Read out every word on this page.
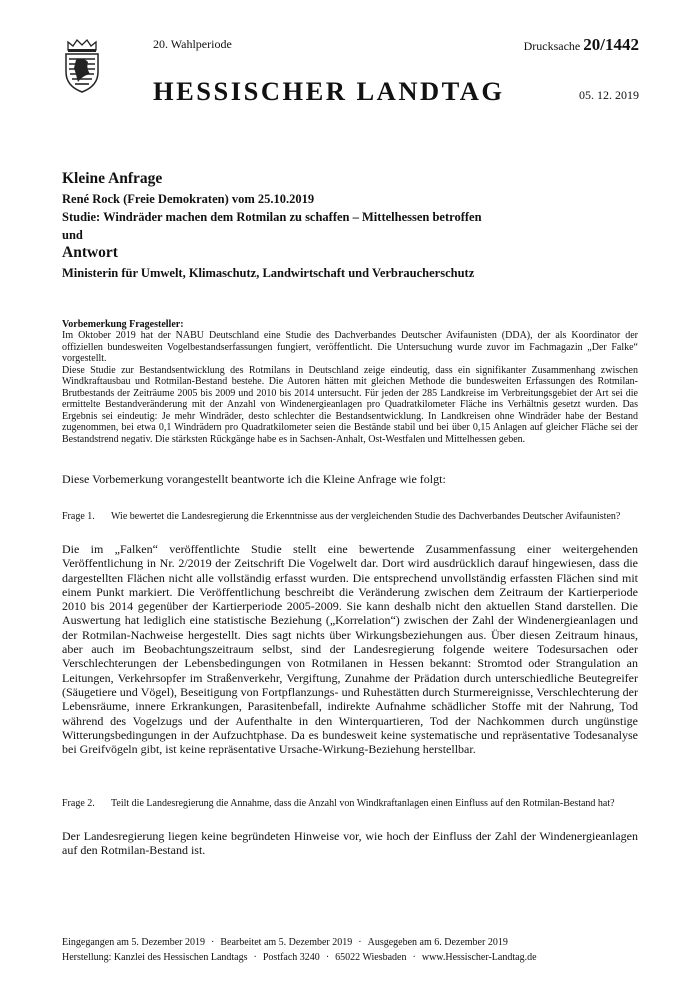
20. Wahlperiode
HESSISCHER LANDTAG
Drucksache 20/1442
05. 12. 2019
Kleine Anfrage
René Rock (Freie Demokraten) vom 25.10.2019
Studie: Windräder machen dem Rotmilan zu schaffen – Mittelhessen betroffen
und
Antwort
Ministerin für Umwelt, Klimaschutz, Landwirtschaft und Verbraucherschutz
Vorbemerkung Fragesteller:

Im Oktober 2019 hat der NABU Deutschland eine Studie des Dachverbandes Deutscher Avifaunisten (DDA), der als Koordinator der offiziellen bundesweiten Vogelbestandserfassungen fungiert, veröffentlicht. Die Untersuchung wurde zuvor im Fachmagazin „Der Falke“ vorgestellt.

Diese Studie zur Bestandsentwicklung des Rotmilans in Deutschland zeige eindeutig, dass ein signifikanter Zusammenhang zwischen Windkraftausbau und Rotmilan-Bestand bestehe. Die Autoren hätten mit gleichen Methode die bundesweiten Erfassungen des Rotmilan-Brutbestands der Zeiträume 2005 bis 2009 und 2010 bis 2014 untersucht. Für jeden der 285 Landkreise im Verbreitungsgebiet der Art sei die ermittelte Bestandveränderung mit der Anzahl von Windenergieanlagen pro Quadratkilometer Fläche ins Verhältnis gesetzt wurden. Das Ergebnis sei eindeutig: Je mehr Windräder, desto schlechter die Bestandsentwicklung. In Landkreisen ohne Windräder habe der Bestand zugenommen, bei etwa 0,1 Windrädern pro Quadratkilometer seien die Bestände stabil und bei über 0,15 Anlagen auf gleicher Fläche sei der Bestandstrend negativ. Die stärksten Rückgänge habe es in Sachsen-Anhalt, Ost-Westfalen und Mittelhessen geben.

Diese Vorbemerkung vorangestellt beantworte ich die Kleine Anfrage wie folgt:
Frage 1. Wie bewertet die Landesregierung die Erkenntnisse aus der vergleichenden Studie des Dachverbandes Deutscher Avifaunisten?
Die im „Falken“ veröffentlichte Studie stellt eine bewertende Zusammenfassung einer weitergehenden Veröffentlichung in Nr. 2/2019 der Zeitschrift Die Vogelwelt dar. Dort wird ausdrücklich darauf hingewiesen, dass die dargestellten Flächen nicht alle vollständig erfasst wurden. Die entsprechend unvollständig erfassten Flächen sind mit einem Punkt markiert. Die Veröffentlichung beschreibt die Veränderung zwischen dem Zeitraum der Kartierperiode 2010 bis 2014 gegenüber der Kartierperiode 2005-2009. Sie kann deshalb nicht den aktuellen Stand darstellen. Die Auswertung hat lediglich eine statistische Beziehung („Korrelation“) zwischen der Zahl der Windenergieanlagen und der Rotmilan-Nachweise hergestellt. Dies sagt nichts über Wirkungsbeziehungen aus. Über diesen Zeitraum hinaus, aber auch im Beobachtungszeitraum selbst, sind der Landesregierung folgende weitere Todesursachen oder Verschlechterungen der Lebensbedingungen von Rotmilanen in Hessen bekannt: Stromtod oder Strangulation an Leitungen, Verkehrsopfer im Straßenverkehr, Vergiftung, Zunahme der Prädation durch unterschiedliche Beutegreifer (Säugetiere und Vögel), Beseitigung von Fortpflanzungs- und Ruhestätten durch Sturmereignisse, Verschlechterung der Lebensräume, innere Erkrankungen, Parasitenbefall, indirekte Aufnahme schädlicher Stoffe mit der Nahrung, Tod während des Vogelzugs und der Aufenthalte in den Winterquartieren, Tod der Nachkommen durch ungünstige Witterungsbedingungen in der Aufzuchtphase. Da es bundesweit keine systematische und repräsentative Todesanalyse bei Greifvögeln gibt, ist keine repräsentative Ursache-Wirkung-Beziehung herstellbar.
Frage 2. Teilt die Landesregierung die Annahme, dass die Anzahl von Windkraftanlagen einen Einfluss auf den Rotmilan-Bestand hat?
Der Landesregierung liegen keine begründeten Hinweise vor, wie hoch der Einfluss der Zahl der Windenergieanlagen auf den Rotmilan-Bestand ist.
Eingegangen am 5. Dezember 2019 · Bearbeitet am 5. Dezember 2019 · Ausgegeben am 6. Dezember 2019
Herstellung: Kanzlei des Hessischen Landtags · Postfach 3240 · 65022 Wiesbaden · www.Hessischer-Landtag.de
